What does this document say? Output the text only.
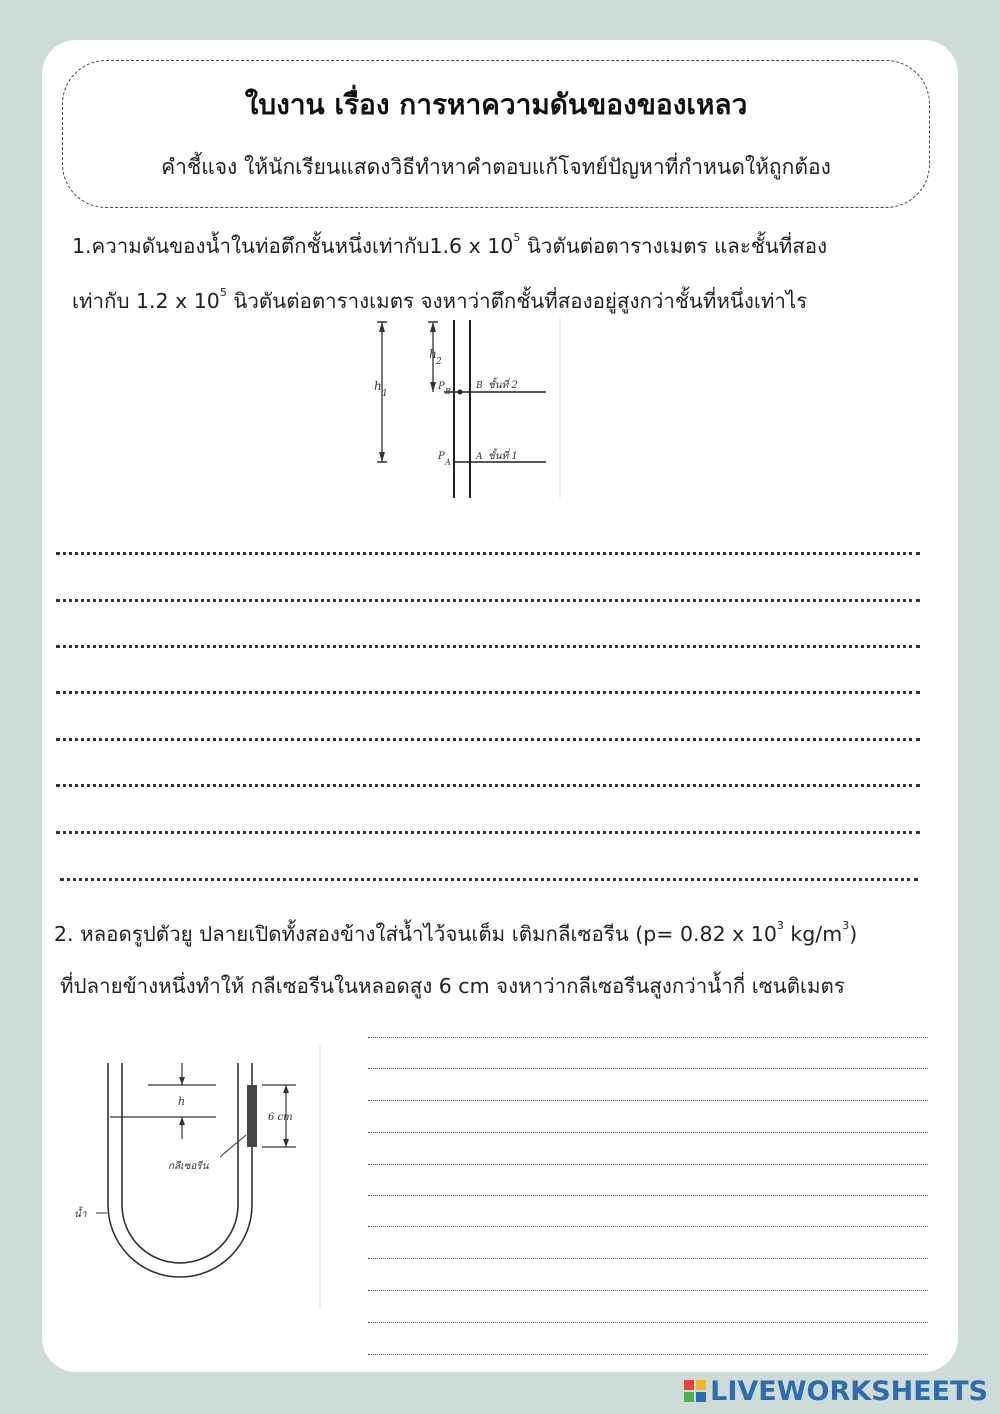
ใบงาน เรื่อง การหาความดันของของเหลว
คำชี้แจง ให้นักเรียนแสดงวิธีทำหาคำตอบแก้โจทย์ปัญหาที่กำหนดให้ถูกต้อง
1.ความดันของน้ำในท่อตึกชั้นหนึ่งเท่ากับ1.6 x $10^5$ นิวตันต่อตารางเมตร และชั้นที่สอง
เท่ากับ 1.2 x $10^5$ นิวตันต่อตารางเมตร จงหาว่าตึกชั้นที่สองอยู่สูงกว่าชั้นที่หนึ่งเท่าไร
h
1
h
2
P B
B ชั้นที่ 2
P
A
A ชั้นที่ 1
2. หลอดรูปตัวยู ปลายเปิดทั้งสองข้างใส่น้ำไว้จนเต็ม เติมกลีเซอรีน (p= 0.82 x $10^3$ $kg/m^3$)
ที่ปลายข้างหนึ่งทำให้ กลีเซอรีนในหลอดสูง 6 cm จงหาว่ากลีเซอรีนสูงกว่าน้ำกี่ เซนติเมตร
h
6 cm
กลีเซอรีน
น้ำ
LIVEWORKSHEETS
